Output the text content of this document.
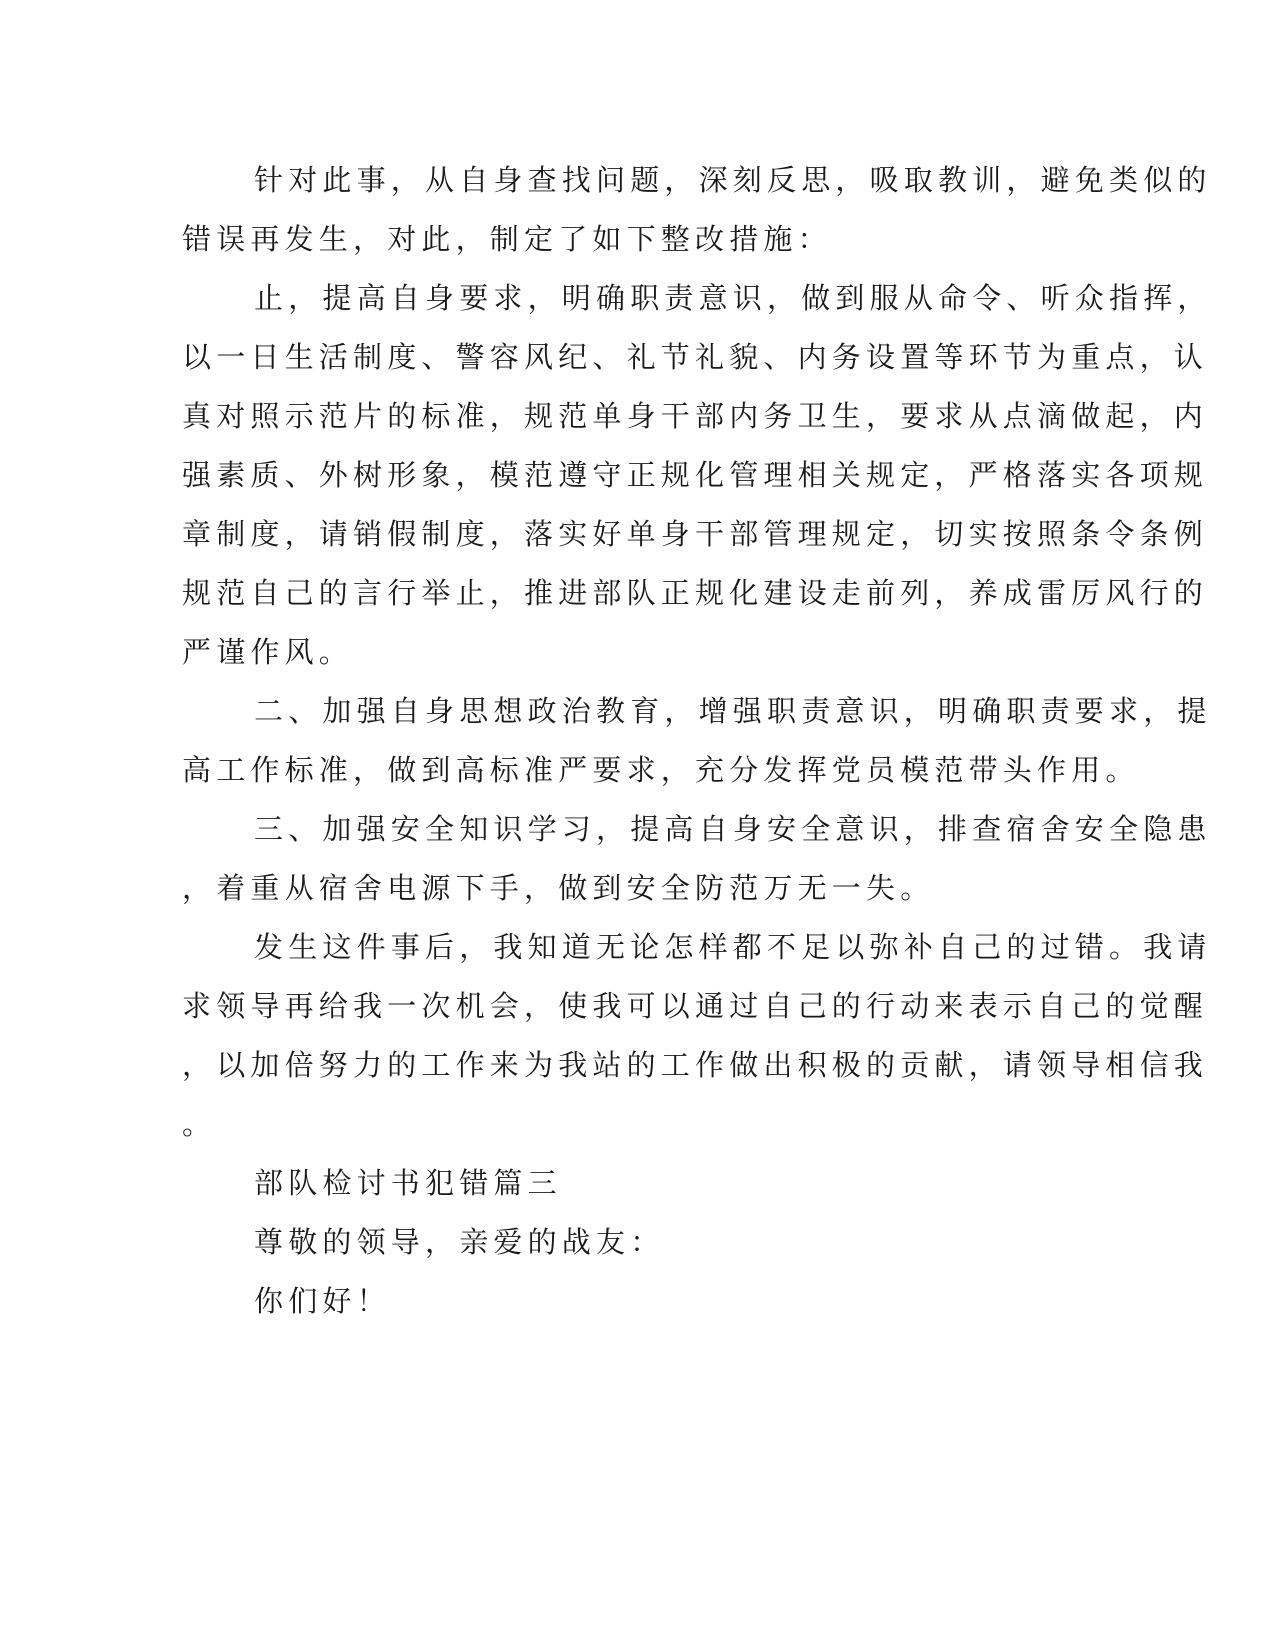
针对此事，从自身查找问题，深刻反思，吸取教训，避免类似的
错误再发生，对此，制定了如下整改措施：
止，提高自身要求，明确职责意识，做到服从命令、听众指挥，
以一日生活制度、警容风纪、礼节礼貌、内务设置等环节为重点，认
真对照示范片的标准，规范单身干部内务卫生，要求从点滴做起，内
强素质、外树形象，模范遵守正规化管理相关规定，严格落实各项规
章制度，请销假制度，落实好单身干部管理规定，切实按照条令条例
规范自己的言行举止，推进部队正规化建设走前列，养成雷厉风行的
严谨作风。
二、加强自身思想政治教育，增强职责意识，明确职责要求，提
高工作标准，做到高标准严要求，充分发挥党员模范带头作用。
三、加强安全知识学习，提高自身安全意识，排查宿舍安全隐患
，着重从宿舍电源下手，做到安全防范万无一失。
发生这件事后，我知道无论怎样都不足以弥补自己的过错。我请
求领导再给我一次机会，使我可以通过自己的行动来表示自己的觉醒
，以加倍努力的工作来为我站的工作做出积极的贡献，请领导相信我
。
部队检讨书犯错篇三
尊敬的领导，亲爱的战友：
你们好！
